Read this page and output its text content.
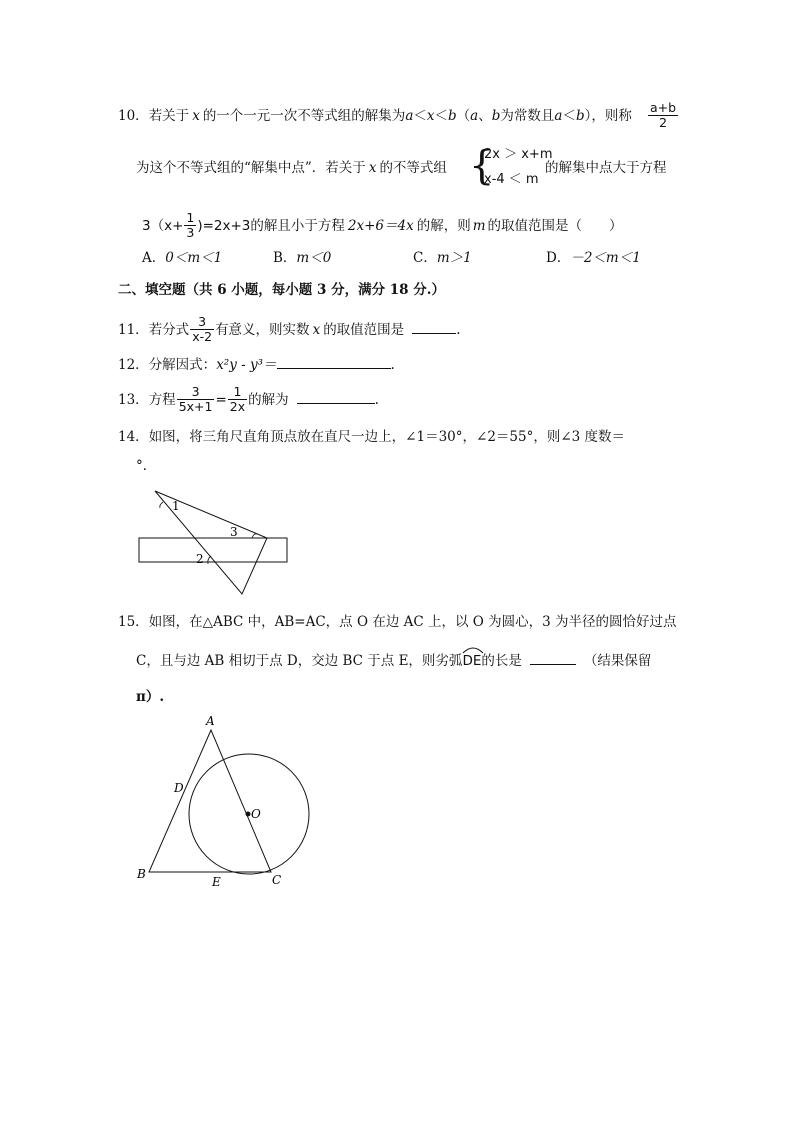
10．若关于 x 的一个一元一次不等式组的解集为a＜x＜b（a、b为常数且a＜b），则称 $\frac{a+b}{2}$
为这个不等式组的“解集中点”．若关于 x 的不等式组 {
2x ＞ x+m
x-4 ＜ m
的解集中点大于方程
$3(x+ \frac{1}{3} )=2x+3$的解且小于方程 2x+6＝4x 的解，则 m 的取值范围是（　　）
A．0＜m＜1	B．m＜0	C．m＞1	D．－2＜m＜1
二、填空题（共 6 小题，每小题 3 分，满分 18 分.）
11．若分式 $\frac{3}{x-2}$ 有意义，则实数 x 的取值范围是	.
12．分解因式：x²y - y³＝	.
13．方程 $\frac{3}{5x+1} = \frac{1}{2x}$ 的解为	.
14．如图，将三角尺直角顶点放在直尺一边上，∠1＝30°，∠2＝55°，则∠3 度数＝
°．
1
3
2
15．如图，在△ABC 中，AB=AC，点 O 在边 AC 上，以 O 为圆心，3 为半径的圆恰好过点
C，且与边 AB 相切于点 D，交边 BC 于点 E，则劣弧
DE的长是	（结果保留
π）.
A
D
O
B
E	C
